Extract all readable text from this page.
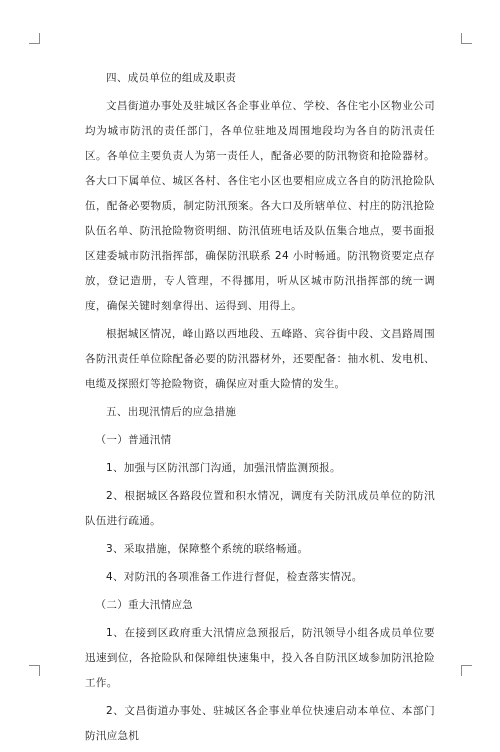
四、成员单位的组成及职责

文昌街道办事处及驻城区各企事业单位、学校、各住宅小区物业公司均为城市防汛的责任部门，各单位驻地及周围地段均为各自的防汛责任区。各单位主要负责人为第一责任人，配备必要的防汛物资和抢险器材。各大口下属单位、城区各村、各住宅小区也要相应成立各自的防汛抢险队伍，配备必要物质，制定防汛预案。各大口及所辖单位、村庄的防汛抢险队伍名单、防汛抢险物资明细、防汛值班电话及队伍集合地点，要书面报区建委城市防汛指挥部，确保防汛联系 24 小时畅通。防汛物资要定点存放，登记造册，专人管理，不得挪用，听从区城市防汛指挥部的统一调度，确保关键时刻拿得出、运得到、用得上。

根据城区情况，峰山路以西地段、五峰路、宾谷街中段、文昌路周围各防汛责任单位除配备必要的防汛器材外，还要配备：抽水机、发电机、电缆及探照灯等抢险物资，确保应对重大险情的发生。

五、出现汛情后的应急措施

（一）普通汛情

1、加强与区防汛部门沟通，加强汛情监测预报。

2、根据城区各路段位置和积水情况，调度有关防汛成员单位的防汛队伍进行疏通。

3、采取措施，保障整个系统的联络畅通。

4、对防汛的各项准备工作进行督促，检查落实情况。

（二）重大汛情应急

1、在接到区政府重大汛情应急预报后，防汛领导小组各成员单位要迅速到位，各抢险队和保障组快速集中，投入各自防汛区域参加防汛抢险工作。

2、文昌街道办事处、驻城区各企事业单位快速启动本单位、本部门防汛应急机
